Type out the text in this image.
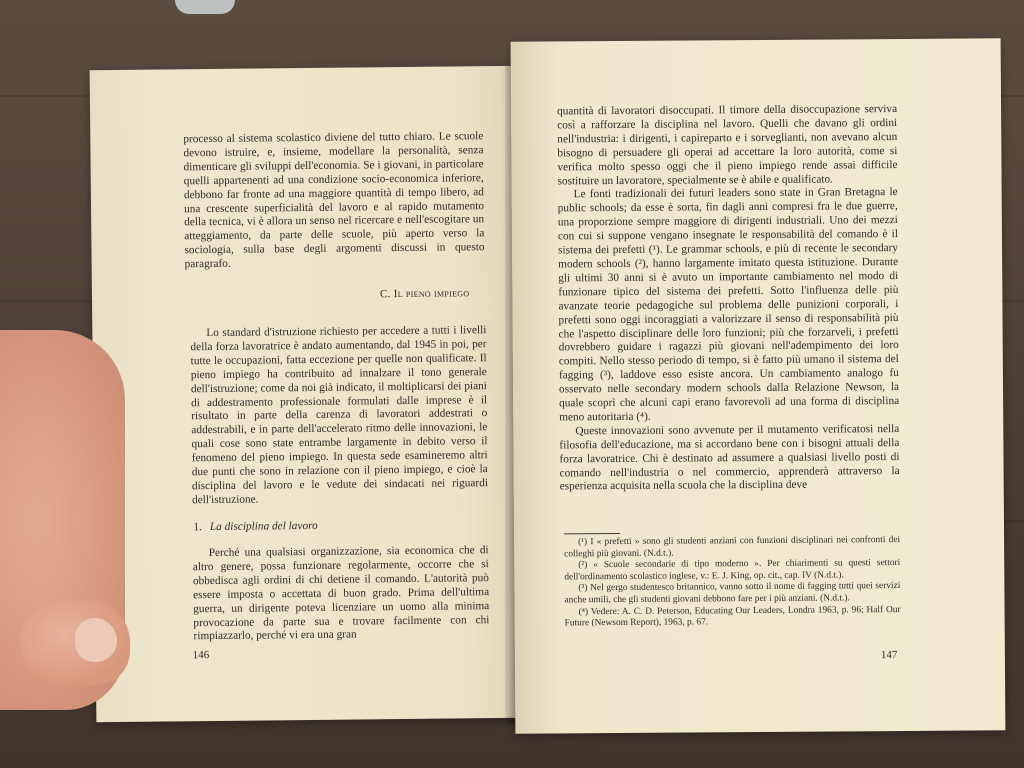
processo al sistema scolastico diviene del tutto chiaro. Le scuole devono istruire, e, insieme, modellare la personalità, senza dimenticare gli sviluppi dell'economia. Se i giovani, in particolare quelli appartenenti ad una condizione socio-economica inferiore, debbono far fronte ad una maggiore quantità di tempo libero, ad una crescente superficialità del lavoro e al rapido mutamento della tecnica, vi è allora un senso nel ricercare e nell'escogitare un atteggiamento, da parte delle scuole, più aperto verso la sociologia, sulla base degli argomenti discussi in questo paragrafo.

C. Il pieno impiego

Lo standard d'istruzione richiesto per accedere a tutti i livelli della forza lavoratrice è andato aumentando, dal 1945 in poi, per tutte le occupazioni, fatta eccezione per quelle non qualificate. Il pieno impiego ha contribuito ad innalzare il tono generale dell'istruzione; come da noi già indicato, il moltiplicarsi dei piani di addestramento professionale formulati dalle imprese è il risultato in parte della carenza di lavoratori addestrati o addestrabili, e in parte dell'accelerato ritmo delle innovazioni, le quali cose sono state entrambe largamente in debito verso il fenomeno del pieno impiego. In questa sede esamineremo altri due punti che sono in relazione con il pieno impiego, e cioè la disciplina del lavoro e le vedute dei sindacati nei riguardi dell'istruzione.

1. La disciplina del lavoro

Perché una qualsiasi organizzazione, sia economica che di altro genere, possa funzionare regolarmente, occorre che si obbedisca agli ordini di chi detiene il comando. L'autorità può essere imposta o accettata di buon grado. Prima dell'ultima guerra, un dirigente poteva licenziare un uomo alla minima provocazione da parte sua e trovare facilmente con chi rimpiazzarlo, perché vi era una gran

146

quantità di lavoratori disoccupati. Il timore della disoccupazione serviva così a rafforzare la disciplina nel lavoro. Quelli che davano gli ordini nell'industria: i dirigenti, i capireparto e i sorveglianti, non avevano alcun bisogno di persuadere gli operai ad accettare la loro autorità, come si verifica molto spesso oggi che il pieno impiego rende assai difficile sostituire un lavoratore, specialmente se è abile e qualificato.

Le fonti tradizionali dei futuri leaders sono state in Gran Bretagna le public schools; da esse è sorta, fin dagli anni compresi fra le due guerre, una proporzione sempre maggiore di dirigenti industriali. Uno dei mezzi con cui si suppone vengano insegnate le responsabilità del comando è il sistema dei prefetti (¹). Le grammar schools, e più di recente le secondary modern schools (²), hanno largamente imitato questa istituzione. Durante gli ultimi 30 anni si è avuto un importante cambiamento nel modo di funzionare tipico del sistema dei prefetti. Sotto l'influenza delle più avanzate teorie pedagogiche sul problema delle punizioni corporali, i prefetti sono oggi incoraggiati a valorizzare il senso di responsabilità più che l'aspetto disciplinare delle loro funzioni; più che forzarveli, i prefetti dovrebbero guidare i ragazzi più giovani nell'adempimento dei loro compiti. Nello stesso periodo di tempo, si è fatto più umano il sistema del fagging (³), laddove esso esiste ancora. Un cambiamento analogo fu osservato nelle secondary modern schools dalla Relazione Newson, la quale scoprì che alcuni capi erano favorevoli ad una forma di disciplina meno autoritaria (⁴).

Queste innovazioni sono avvenute per il mutamento verificatosi nella filosofia dell'educazione, ma si accordano bene con i bisogni attuali della forza lavoratrice. Chi è destinato ad assumere a qualsiasi livello posti di comando nell'industria o nel commercio, apprenderà attraverso la esperienza acquisita nella scuola che la disciplina deve

(¹) I « prefetti » sono gli studenti anziani con funzioni disciplinari nei confronti dei colleghi più giovani. (N.d.t.).

(²) « Scuole secondarie di tipo moderno ». Per chiarimenti su questi settori dell'ordinamento scolastico inglese, v.: E. J. King, op. cit., cap. IV (N.d.t.).

(³) Nel gergo studentesco britannico, vanno sotto il nome di fagging tutti quei servizi anche umili, che gli studenti giovani debbono fare per i più anziani. (N.d.t.).

(⁴) Vedere: A. C. D. Peterson, Educating Our Leaders, Londra 1963, p. 96; Half Our Future (Newsom Report), 1963, p. 67.

147
